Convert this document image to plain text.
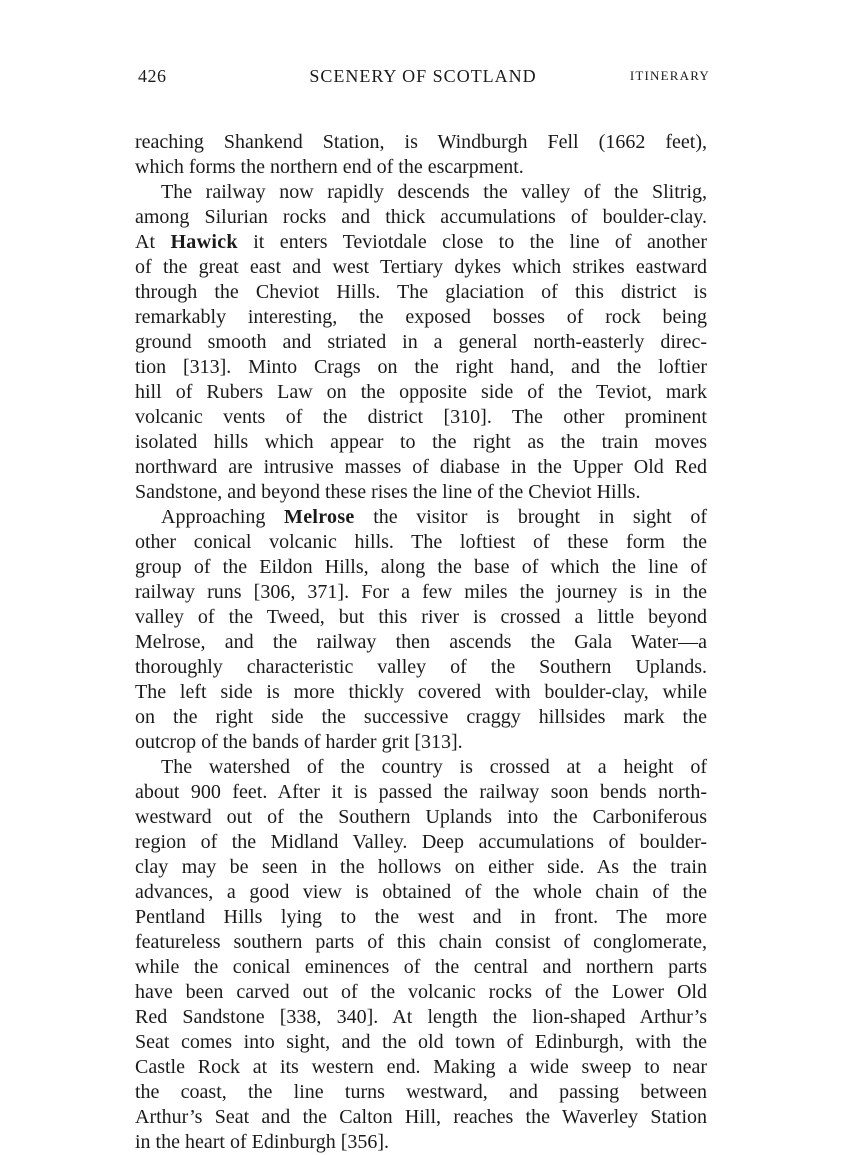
426	SCENERY OF SCOTLAND	ITINERARY
reaching Shankend Station, is Windburgh Fell (1662 feet),
which forms the northern end of the escarpment.
The railway now rapidly descends the valley of the Slitrig,
among Silurian rocks and thick accumulations of boulder-clay.
At Hawick it enters Teviotdale close to the line of another
of the great east and west Tertiary dykes which strikes eastward
through the Cheviot Hills. The glaciation of this district is
remarkably interesting, the exposed bosses of rock being
ground smooth and striated in a general north-easterly direc-
tion [313]. Minto Crags on the right hand, and the loftier
hill of Rubers Law on the opposite side of the Teviot, mark
volcanic vents of the district [310]. The other prominent
isolated hills which appear to the right as the train moves
northward are intrusive masses of diabase in the Upper Old Red
Sandstone, and beyond these rises the line of the Cheviot Hills.
Approaching Melrose the visitor is brought in sight of
other conical volcanic hills. The loftiest of these form the
group of the Eildon Hills, along the base of which the line of
railway runs [306, 371]. For a few miles the journey is in the
valley of the Tweed, but this river is crossed a little beyond
Melrose, and the railway then ascends the Gala Water—a
thoroughly characteristic valley of the Southern Uplands.
The left side is more thickly covered with boulder-clay, while
on the right side the successive craggy hillsides mark the
outcrop of the bands of harder grit [313].
The watershed of the country is crossed at a height of
about 900 feet. After it is passed the railway soon bends north-
westward out of the Southern Uplands into the Carboniferous
region of the Midland Valley. Deep accumulations of boulder-
clay may be seen in the hollows on either side. As the train
advances, a good view is obtained of the whole chain of the
Pentland Hills lying to the west and in front. The more
featureless southern parts of this chain consist of conglomerate,
while the conical eminences of the central and northern parts
have been carved out of the volcanic rocks of the Lower Old
Red Sandstone [338, 340]. At length the lion-shaped Arthur’s
Seat comes into sight, and the old town of Edinburgh, with the
Castle Rock at its western end. Making a wide sweep to near
the coast, the line turns westward, and passing between
Arthur’s Seat and the Calton Hill, reaches the Waverley Station
in the heart of Edinburgh [356].
